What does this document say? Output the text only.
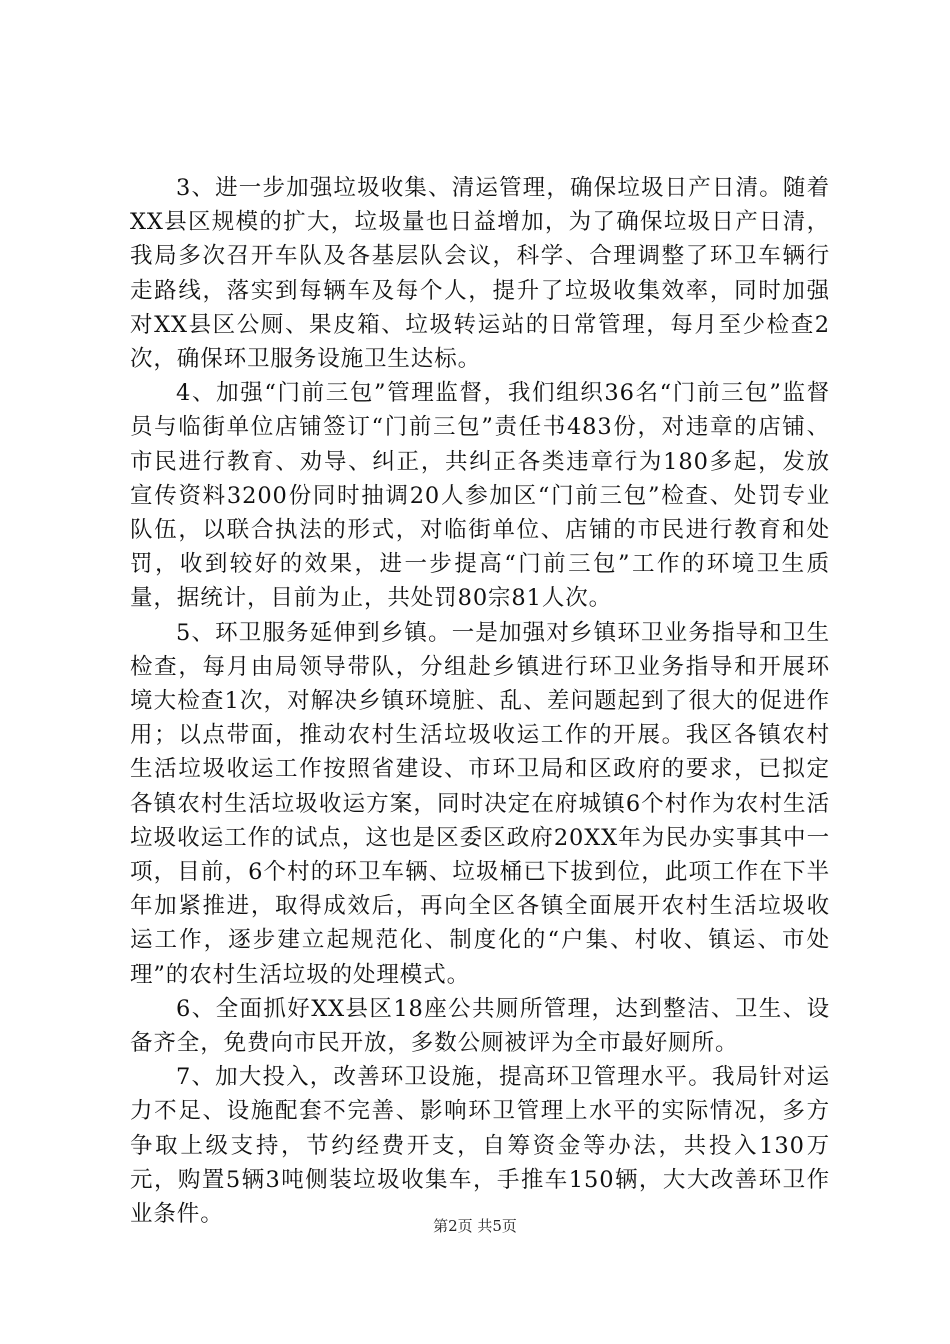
3、进一步加强垃圾收集、清运管理，确保垃圾日产日清。随着XX县区规模的扩大，垃圾量也日益增加，为了确保垃圾日产日清，我局多次召开车队及各基层队会议，科学、合理调整了环卫车辆行走路线，落实到每辆车及每个人，提升了垃圾收集效率，同时加强对XX县区公厕、果皮箱、垃圾转运站的日常管理，每月至少检查2次，确保环卫服务设施卫生达标。

4、加强“门前三包”管理监督，我们组织36名“门前三包”监督员与临街单位店铺签订“门前三包”责任书483份，对违章的店铺、市民进行教育、劝导、纠正，共纠正各类违章行为180多起，发放宣传资料3200份同时抽调20人参加区“门前三包”检查、处罚专业队伍，以联合执法的形式，对临街单位、店铺的市民进行教育和处罚，收到较好的效果，进一步提高“门前三包”工作的环境卫生质量，据统计，目前为止，共处罚80宗81人次。

5、环卫服务延伸到乡镇。一是加强对乡镇环卫业务指导和卫生检查，每月由局领导带队，分组赴乡镇进行环卫业务指导和开展环境大检查1次，对解决乡镇环境脏、乱、差问题起到了很大的促进作用；以点带面，推动农村生活垃圾收运工作的开展。我区各镇农村生活垃圾收运工作按照省建设、市环卫局和区政府的要求，已拟定各镇农村生活垃圾收运方案，同时决定在府城镇6个村作为农村生活垃圾收运工作的试点，这也是区委区政府20XX年为民办实事其中一项，目前，6个村的环卫车辆、垃圾桶已下拔到位，此项工作在下半年加紧推进，取得成效后，再向全区各镇全面展开农村生活垃圾收运工作，逐步建立起规范化、制度化的“户集、村收、镇运、市处理”的农村生活垃圾的处理模式。

6、全面抓好XX县区18座公共厕所管理，达到整洁、卫生、设备齐全，免费向市民开放，多数公厕被评为全市最好厕所。

7、加大投入，改善环卫设施，提高环卫管理水平。我局针对运力不足、设施配套不完善、影响环卫管理上水平的实际情况，多方争取上级支持，节约经费开支，自筹资金等办法，共投入130万元，购置5辆3吨侧装垃圾收集车，手推车150辆，大大改善环卫作业条件。	第2页 共5页
